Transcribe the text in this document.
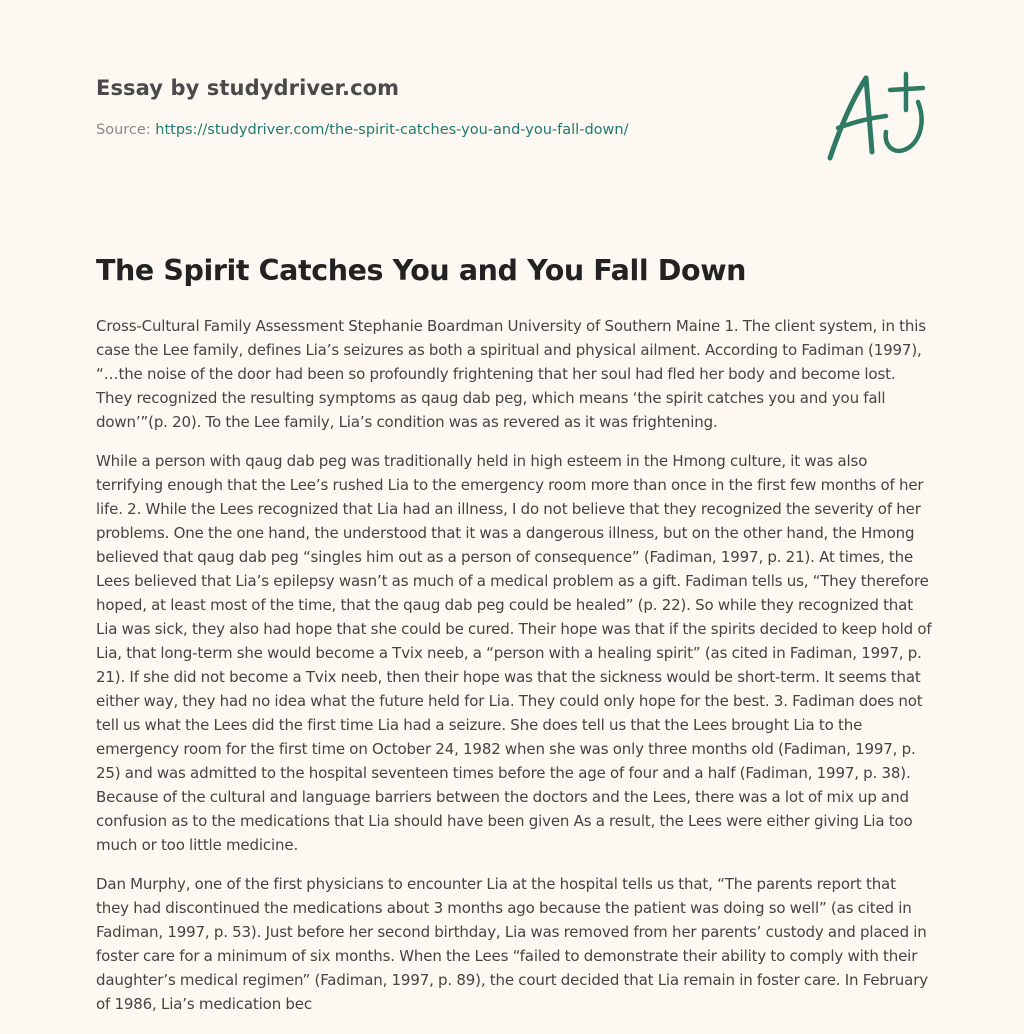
Essay by studydriver.com
Source: https://studydriver.com/the-spirit-catches-you-and-you-fall-down/
The Spirit Catches You and You Fall Down

Cross-Cultural Family Assessment Stephanie Boardman University of Southern Maine 1. The client system, in this case the Lee family, defines Lia’s seizures as both a spiritual and physical ailment. According to Fadiman (1997), “…the noise of the door had been so profoundly frightening that her soul had fled her body and become lost. They recognized the resulting symptoms as qaug dab peg, which means ‘the spirit catches you and you fall down’”(p. 20). To the Lee family, Lia’s condition was as revered as it was frightening.

While a person with qaug dab peg was traditionally held in high esteem in the Hmong culture, it was also terrifying enough that the Lee’s rushed Lia to the emergency room more than once in the first few months of her life. 2. While the Lees recognized that Lia had an illness, I do not believe that they recognized the severity of her problems. One the one hand, the understood that it was a dangerous illness, but on the other hand, the Hmong believed that qaug dab peg “singles him out as a person of consequence” (Fadiman, 1997, p. 21). At times, the Lees believed that Lia’s epilepsy wasn’t as much of a medical problem as a gift. Fadiman tells us, “They therefore hoped, at least most of the time, that the qaug dab peg could be healed” (p. 22). So while they recognized that Lia was sick, they also had hope that she could be cured. Their hope was that if the spirits decided to keep hold of Lia, that long-term she would become a Tvix neeb, a “person with a healing spirit” (as cited in Fadiman, 1997, p. 21). If she did not become a Tvix neeb, then their hope was that the sickness would be short-term. It seems that either way, they had no idea what the future held for Lia. They could only hope for the best. 3. Fadiman does not tell us what the Lees did the first time Lia had a seizure. She does tell us that the Lees brought Lia to the emergency room for the first time on October 24, 1982 when she was only three months old (Fadiman, 1997, p. 25) and was admitted to the hospital seventeen times before the age of four and a half (Fadiman, 1997, p. 38). Because of the cultural and language barriers between the doctors and the Lees, there was a lot of mix up and confusion as to the medications that Lia should have been given As a result, the Lees were either giving Lia too much or too little medicine.

Dan Murphy, one of the first physicians to encounter Lia at the hospital tells us that, “The parents report that they had discontinued the medications about 3 months ago because the patient was doing so well” (as cited in Fadiman, 1997, p. 53). Just before her second birthday, Lia was removed from her parents’ custody and placed in foster care for a minimum of six months. When the Lees “failed to demonstrate their ability to comply with their daughter’s medical regimen” (Fadiman, 1997, p. 89), the court decided that Lia remain in foster care. In February of 1986, Lia’s medication bec
